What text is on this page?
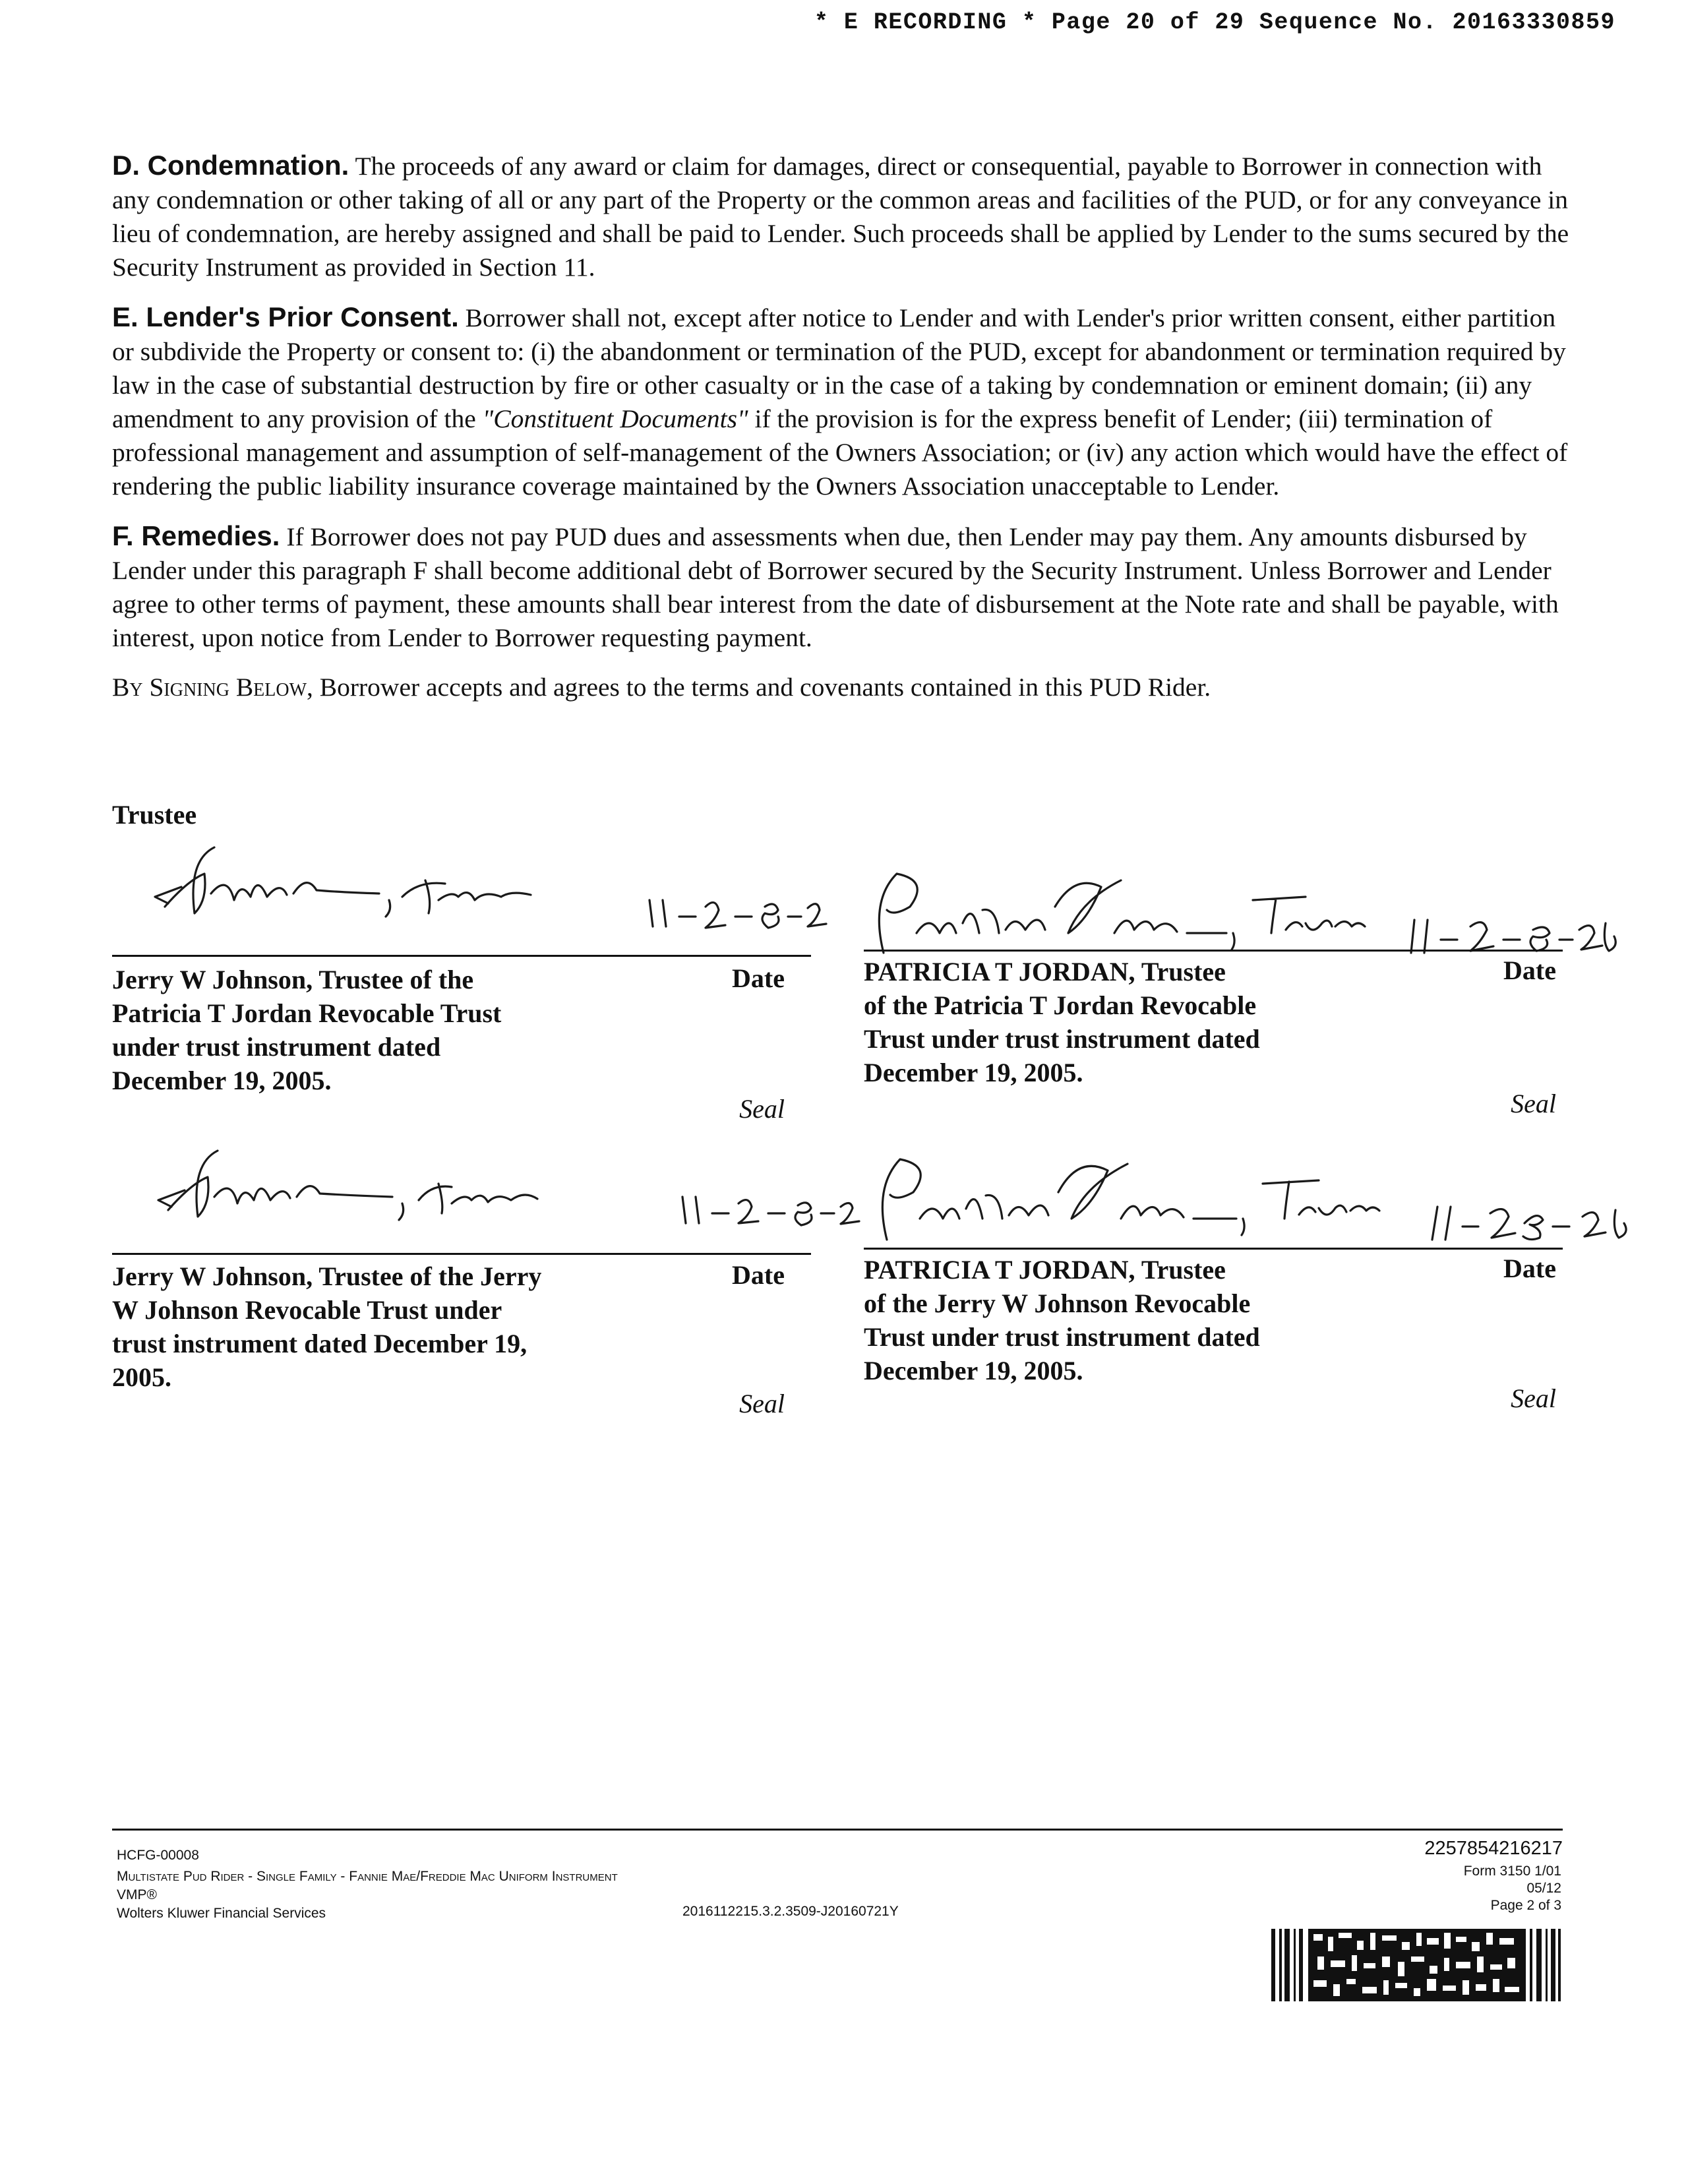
* E RECORDING * Page 20 of 29 Sequence No. 20163330859

D. Condemnation. The proceeds of any award or claim for damages, direct or consequential, payable to Borrower in connection with any condemnation or other taking of all or any part of the Property or the common areas and facilities of the PUD, or for any conveyance in lieu of condemnation, are hereby assigned and shall be paid to Lender. Such proceeds shall be applied by Lender to the sums secured by the Security Instrument as provided in Section 11.

E. Lender's Prior Consent. Borrower shall not, except after notice to Lender and with Lender's prior written consent, either partition or subdivide the Property or consent to: (i) the abandonment or termination of the PUD, except for abandonment or termination required by law in the case of substantial destruction by fire or other casualty or in the case of a taking by condemnation or eminent domain; (ii) any amendment to any provision of the "Constituent Documents" if the provision is for the express benefit of Lender; (iii) termination of professional management and assumption of self-management of the Owners Association; or (iv) any action which would have the effect of rendering the public liability insurance coverage maintained by the Owners Association unacceptable to Lender.

F. Remedies. If Borrower does not pay PUD dues and assessments when due, then Lender may pay them. Any amounts disbursed by Lender under this paragraph F shall become additional debt of Borrower secured by the Security Instrument. Unless Borrower and Lender agree to other terms of payment, these amounts shall bear interest from the date of disbursement at the Note rate and shall be payable, with interest, upon notice from Lender to Borrower requesting payment.

By Signing Below, Borrower accepts and agrees to the terms and covenants contained in this PUD Rider.

Trustee

Jerry W Johnson, Trustee of the
Patricia T Jordan Revocable Trust
under trust instrument dated
December 19, 2005.
Date
Seal
PATRICIA T JORDAN, Trustee
of the Patricia T Jordan Revocable
Trust under trust instrument dated
December 19, 2005.
Date
Seal
Jerry W Johnson, Trustee of the Jerry
W Johnson Revocable Trust under
trust instrument dated December 19,
2005.
Date
Seal
PATRICIA T JORDAN, Trustee
of the Jerry W Johnson Revocable
Trust under trust instrument dated
December 19, 2005.
Date
Seal
HCFG-00008
Multistate Pud Rider - Single Family - Fannie Mae/Freddie Mac Uniform Instrument
VMP®
Wolters Kluwer Financial Services	2016112215.3.2.3509-J20160721Y
2257854216217
Form 3150 1/01
05/12
Page 2 of 3
